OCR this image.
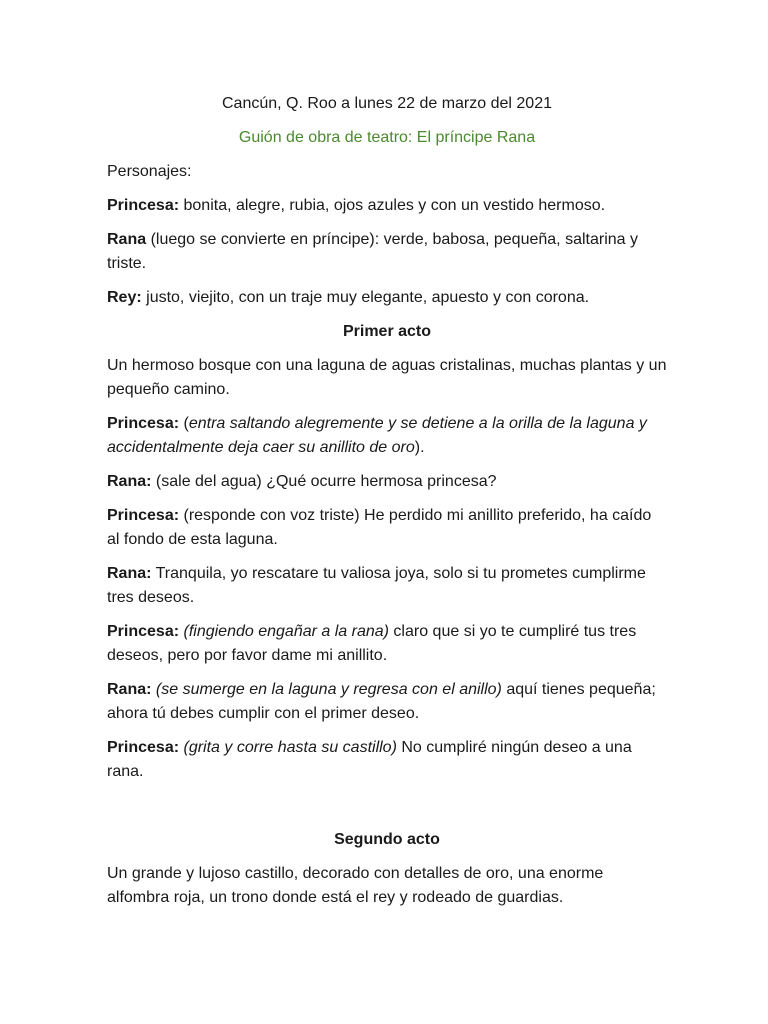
Cancún, Q. Roo a lunes 22 de marzo del 2021

Guión de obra de teatro: El príncipe Rana

Personajes:

Princesa: bonita, alegre, rubia, ojos azules y con un vestido hermoso.

Rana (luego se convierte en príncipe): verde, babosa, pequeña, saltarina y triste.

Rey: justo, viejito, con un traje muy elegante, apuesto y con corona.

Primer acto

Un hermoso bosque con una laguna de aguas cristalinas, muchas plantas y un pequeño camino.

Princesa: (entra saltando alegremente y se detiene a la orilla de la laguna y accidentalmente deja caer su anillito de oro).

Rana: (sale del agua) ¿Qué ocurre hermosa princesa?

Princesa: (responde con voz triste) He perdido mi anillito preferido, ha caído al fondo de esta laguna.

Rana: Tranquila, yo rescatare tu valiosa joya, solo si tu prometes cumplirme tres deseos.

Princesa: (fingiendo engañar a la rana) claro que si yo te cumpliré tus tres deseos, pero por favor dame mi anillito.

Rana: (se sumerge en la laguna y regresa con el anillo) aquí tienes pequeña; ahora tú debes cumplir con el primer deseo.

Princesa: (grita y corre hasta su castillo) No cumpliré ningún deseo a una rana.

Segundo acto

Un grande y lujoso castillo, decorado con detalles de oro, una enorme alfombra roja, un trono donde está el rey y rodeado de guardias.
